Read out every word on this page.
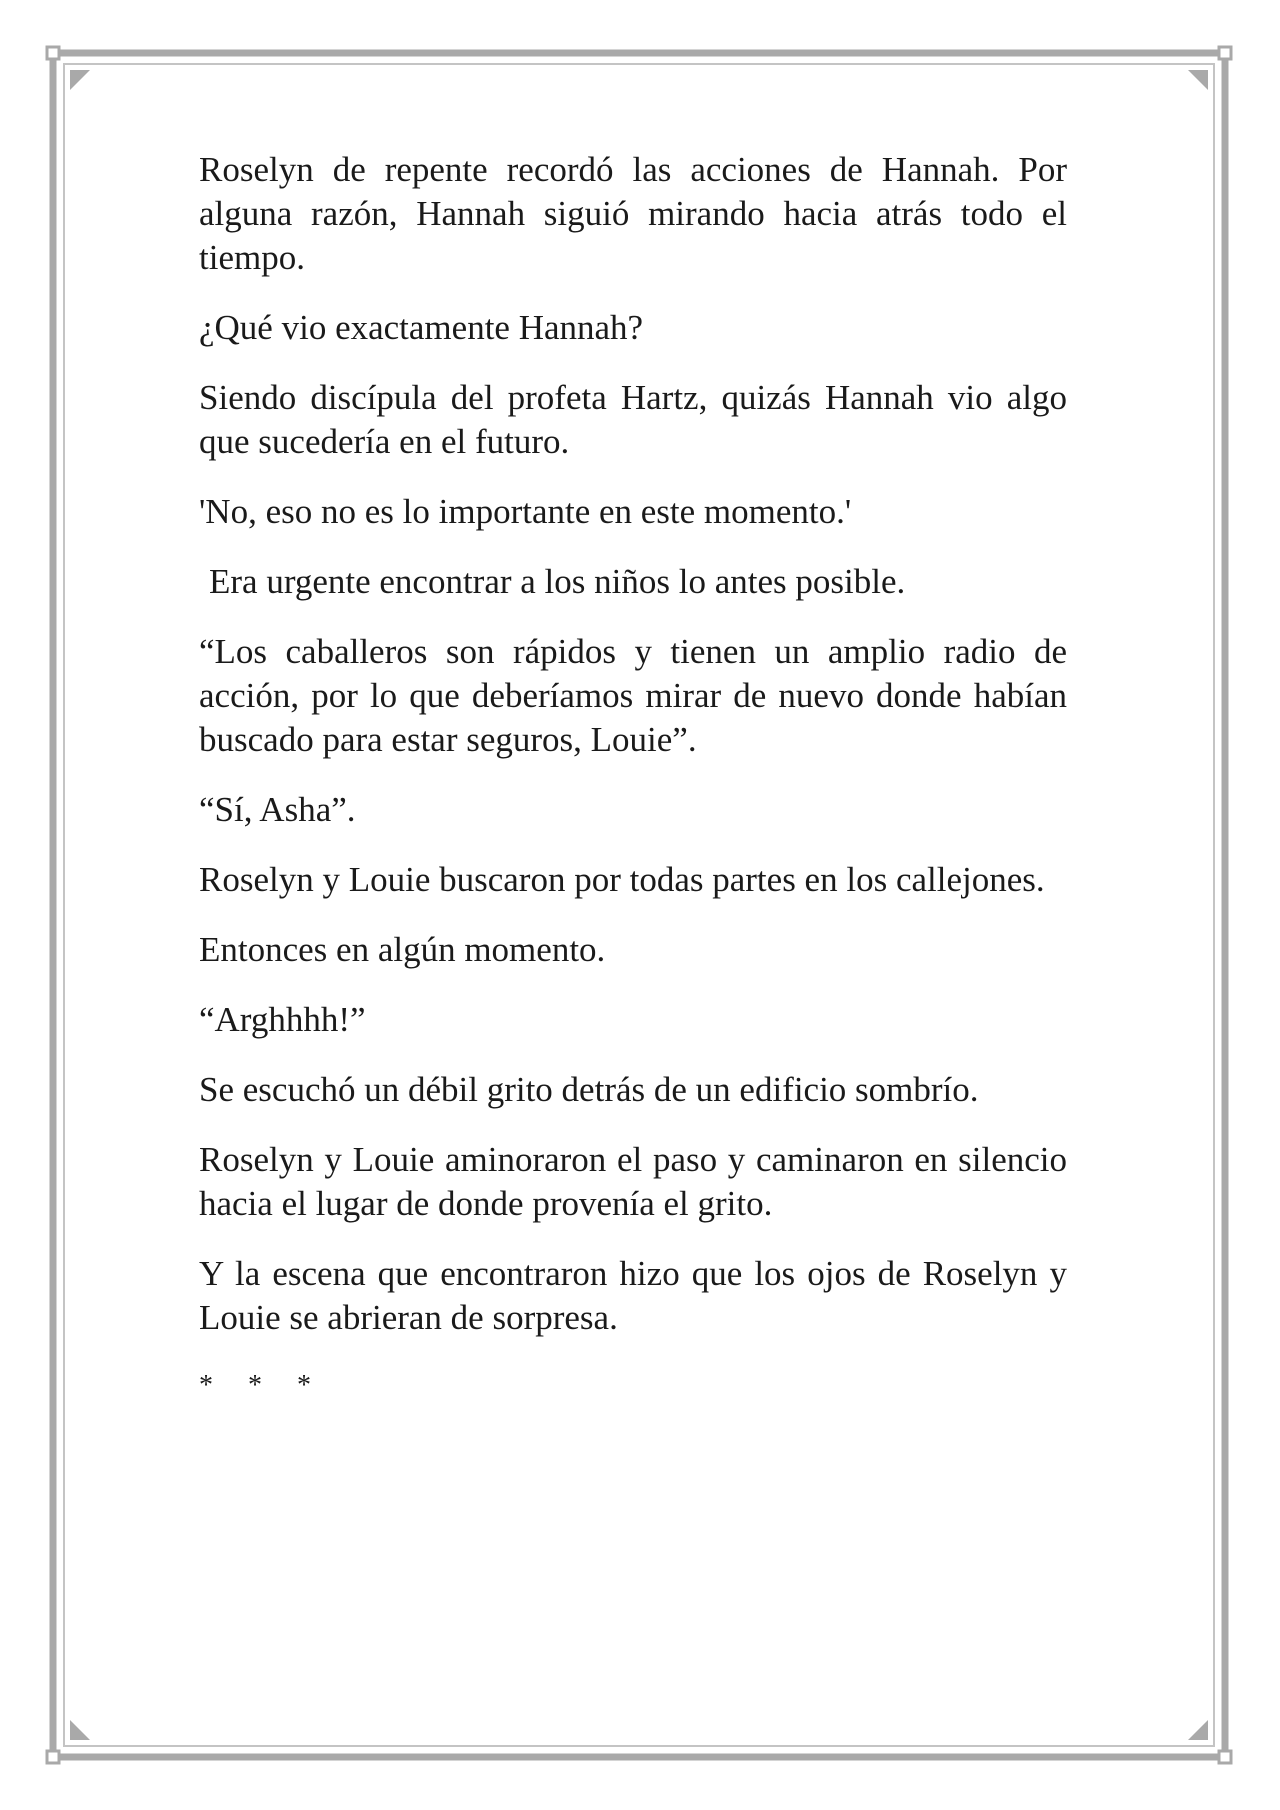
Roselyn de repente recordó las acciones de Hannah. Por alguna razón, Hannah siguió mirando hacia atrás todo el tiempo.

¿Qué vio exactamente Hannah?

Siendo discípula del profeta Hartz, quizás Hannah vio algo que sucedería en el futuro.

'No, eso no es lo importante en este momento.'

Era urgente encontrar a los niños lo antes posible.

“Los caballeros son rápidos y tienen un amplio radio de acción, por lo que deberíamos mirar de nuevo donde habían buscado para estar seguros, Louie”.

“Sí, Asha”.

Roselyn y Louie buscaron por todas partes en los callejones.

Entonces en algún momento.

“Arghhhh!”

Se escuchó un débil grito detrás de un edificio sombrío.

Roselyn y Louie aminoraron el paso y caminaron en silencio hacia el lugar de donde provenía el grito.

Y la escena que encontraron hizo que los ojos de Roselyn y Louie se abrieran de sorpresa.

* * *
